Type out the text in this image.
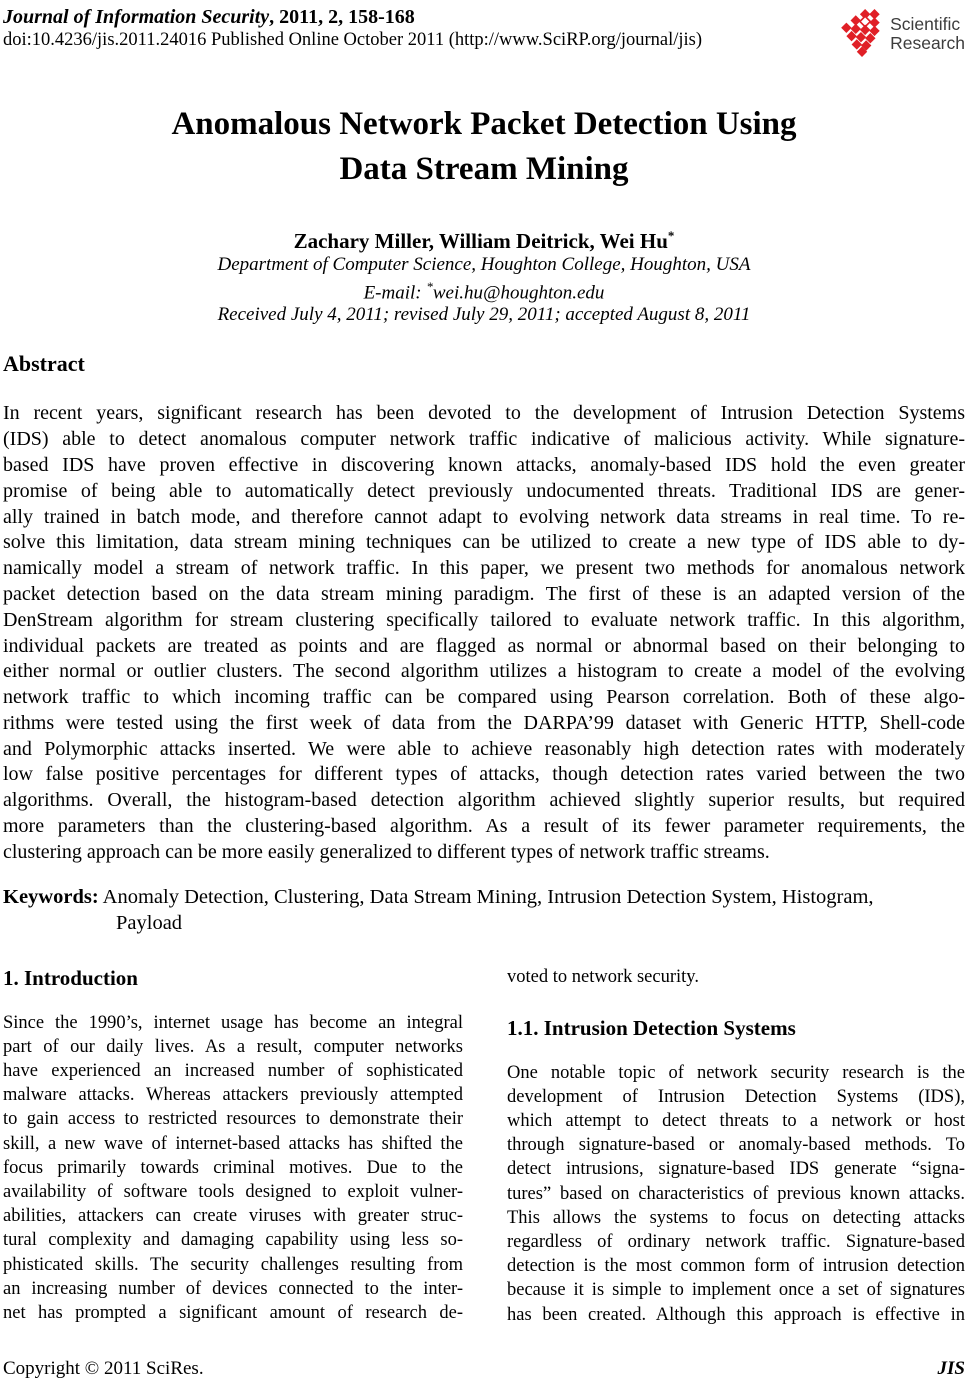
Journal of Information Security, 2011, 2, 158-168
doi:10.4236/jis.2011.24016 Published Online October 2011 (http://www.SciRP.org/journal/jis)
Scientific
Research
Anomalous Network Packet Detection Using
Data Stream Mining
Zachary Miller, William Deitrick, Wei Hu*
Department of Computer Science, Houghton College, Houghton, USA
E-mail: *wei.hu@houghton.edu
Received July 4, 2011; revised July 29, 2011; accepted August 8, 2011
Abstract
In recent years, significant research has been devoted to the development of Intrusion Detection Systems
(IDS) able to detect anomalous computer network traffic indicative of malicious activity. While signature-
based IDS have proven effective in discovering known attacks, anomaly-based IDS hold the even greater
promise of being able to automatically detect previously undocumented threats. Traditional IDS are gener-
ally trained in batch mode, and therefore cannot adapt to evolving network data streams in real time. To re-
solve this limitation, data stream mining techniques can be utilized to create a new type of IDS able to dy-
namically model a stream of network traffic. In this paper, we present two methods for anomalous network
packet detection based on the data stream mining paradigm. The first of these is an adapted version of the
DenStream algorithm for stream clustering specifically tailored to evaluate network traffic. In this algorithm,
individual packets are treated as points and are flagged as normal or abnormal based on their belonging to
either normal or outlier clusters. The second algorithm utilizes a histogram to create a model of the evolving
network traffic to which incoming traffic can be compared using Pearson correlation. Both of these algo-
rithms were tested using the first week of data from the DARPA’99 dataset with Generic HTTP, Shell-code
and Polymorphic attacks inserted. We were able to achieve reasonably high detection rates with moderately
low false positive percentages for different types of attacks, though detection rates varied between the two
algorithms. Overall, the histogram-based detection algorithm achieved slightly superior results, but required
more parameters than the clustering-based algorithm. As a result of its fewer parameter requirements, the
clustering approach can be more easily generalized to different types of network traffic streams.
Keywords: Anomaly Detection, Clustering, Data Stream Mining, Intrusion Detection System, Histogram,
Payload
1. Introduction
Since the 1990’s, internet usage has become an integral
part of our daily lives. As a result, computer networks
have experienced an increased number of sophisticated
malware attacks. Whereas attackers previously attempted
to gain access to restricted resources to demonstrate their
skill, a new wave of internet-based attacks has shifted the
focus primarily towards criminal motives. Due to the
availability of software tools designed to exploit vulner-
abilities, attackers can create viruses with greater struc-
tural complexity and damaging capability using less so-
phisticated skills. The security challenges resulting from
an increasing number of devices connected to the inter-
net has prompted a significant amount of research de-
voted to network security.
1.1. Intrusion Detection Systems
One notable topic of network security research is the
development of Intrusion Detection Systems (IDS),
which attempt to detect threats to a network or host
through signature-based or anomaly-based methods. To
detect intrusions, signature-based IDS generate “signa-
tures” based on characteristics of previous known attacks.
This allows the systems to focus on detecting attacks
regardless of ordinary network traffic. Signature-based
detection is the most common form of intrusion detection
because it is simple to implement once a set of signatures
has been created. Although this approach is effective in
Copyright © 2011 SciRes.	JIS
